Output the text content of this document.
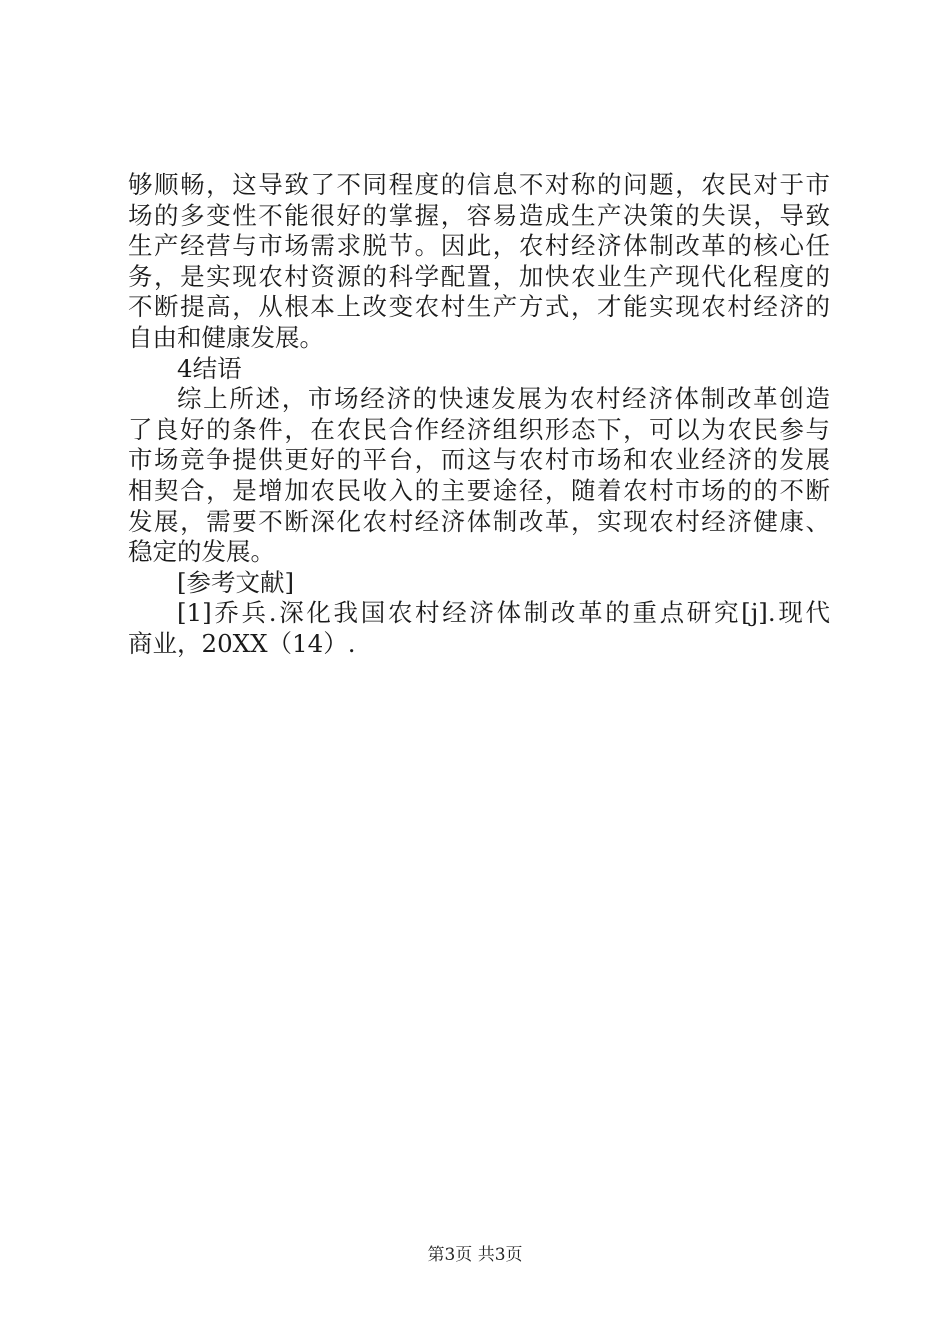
够顺畅，这导致了不同程度的信息不对称的问题，农民对于市
场的多变性不能很好的掌握，容易造成生产决策的失误，导致
生产经营与市场需求脱节。因此，农村经济体制改革的核心任
务，是实现农村资源的科学配置，加快农业生产现代化程度的
不断提高，从根本上改变农村生产方式，才能实现农村经济的
自由和健康发展。
4结语
综上所述，市场经济的快速发展为农村经济体制改革创造
了良好的条件，在农民合作经济组织形态下，可以为农民参与
市场竞争提供更好的平台，而这与农村市场和农业经济的发展
相契合，是增加农民收入的主要途径，随着农村市场的的不断
发展，需要不断深化农村经济体制改革，实现农村经济健康、
稳定的发展。
[参考文献]
[1]乔兵.深化我国农村经济体制改革的重点研究[j].现代
商业，20XX（14）.
第3页 共3页
